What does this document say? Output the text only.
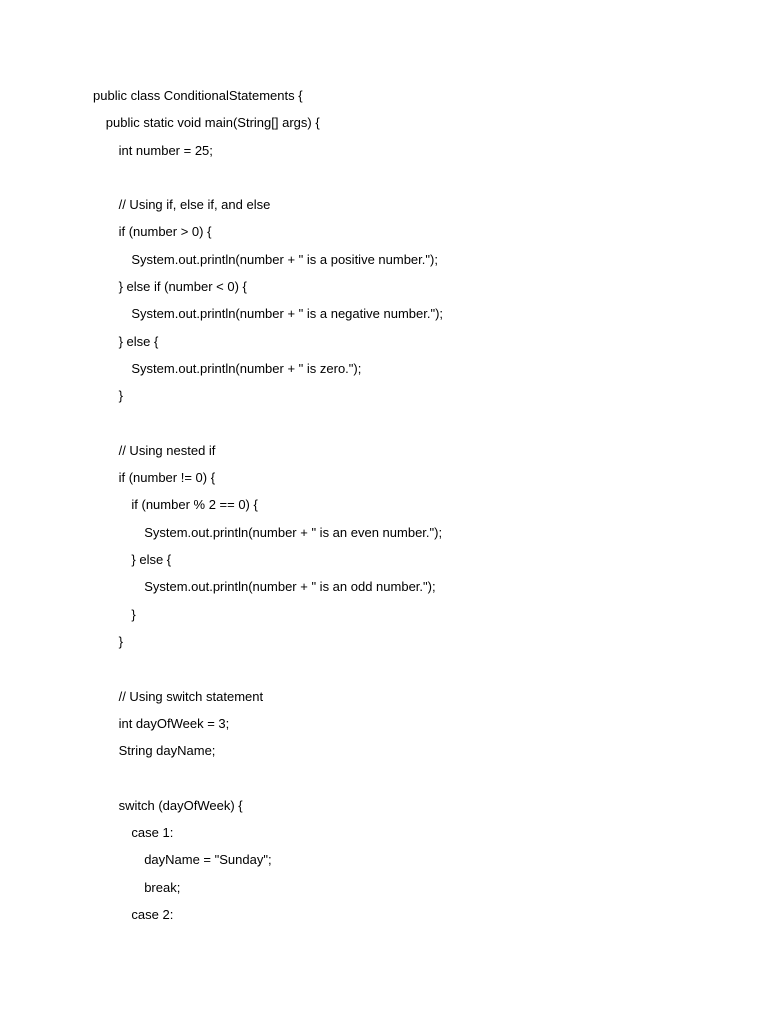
public class ConditionalStatements {
public static void main(String[] args) {
int number = 25;
// Using if, else if, and else
if (number > 0) {
System.out.println(number + " is a positive number.");
} else if (number < 0) {
System.out.println(number + " is a negative number.");
} else {
System.out.println(number + " is zero.");
}
// Using nested if
if (number != 0) {
if (number % 2 == 0) {
System.out.println(number + " is an even number.");
} else {
System.out.println(number + " is an odd number.");
}
}
// Using switch statement
int dayOfWeek = 3;
String dayName;
switch (dayOfWeek) {
case 1:
dayName = "Sunday";
break;
case 2:
